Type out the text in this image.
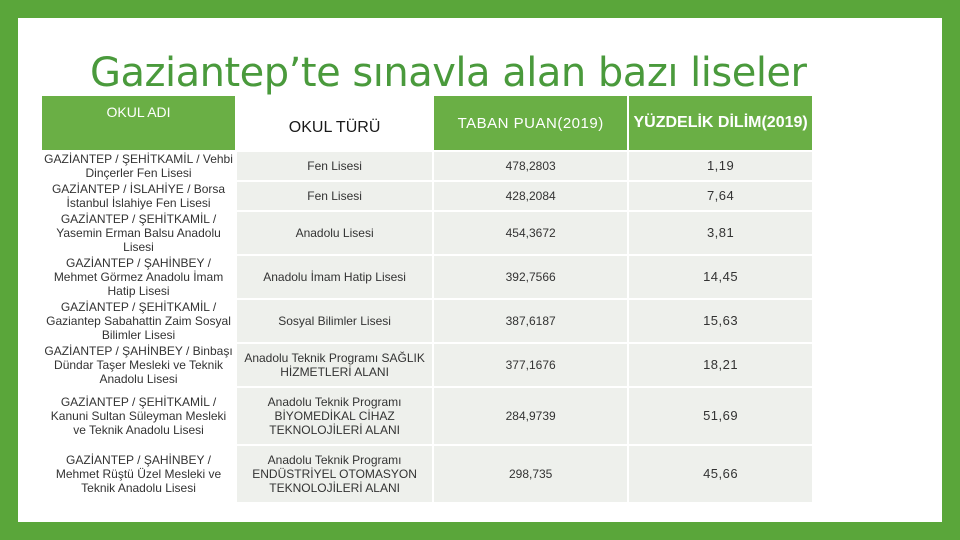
Gaziantep’te sınavla alan bazı liseler
OKUL ADI	OKUL TÜRÜ	TABAN PUAN(2019)	YÜZDELİK DİLİM(2019)
GAZİANTEP / ŞEHİTKAMİL / Vehbi Dinçerler Fen Lisesi	Fen Lisesi	478,2803	1,19
GAZİANTEP / İSLAHİYE / Borsa İstanbul İslahiye Fen Lisesi	Fen Lisesi	428,2084	7,64
GAZİANTEP / ŞEHİTKAMİL / Yasemin Erman Balsu Anadolu Lisesi	Anadolu Lisesi	454,3672	3,81
GAZİANTEP / ŞAHİNBEY / Mehmet Görmez Anadolu İmam Hatip Lisesi	Anadolu İmam Hatip Lisesi	392,7566	14,45
GAZİANTEP / ŞEHİTKAMİL / Gaziantep Sabahattin Zaim Sosyal Bilimler Lisesi	Sosyal Bilimler Lisesi	387,6187	15,63
GAZİANTEP / ŞAHİNBEY / Binbaşı Dündar Taşer Mesleki ve Teknik Anadolu Lisesi	Anadolu Teknik Programı SAĞLIK HİZMETLERİ ALANI	377,1676	18,21
GAZİANTEP / ŞEHİTKAMİL / Kanuni Sultan Süleyman Mesleki ve Teknik Anadolu Lisesi	Anadolu Teknik Programı BİYOMEDİKAL CİHAZ TEKNOLOJİLERİ ALANI	284,9739	51,69
GAZİANTEP / ŞAHİNBEY / Mehmet Rüştü Üzel Mesleki ve Teknik Anadolu Lisesi	Anadolu Teknik Programı ENDÜSTRİYEL OTOMASYON TEKNOLOJİLERİ ALANI	298,735	45,66
